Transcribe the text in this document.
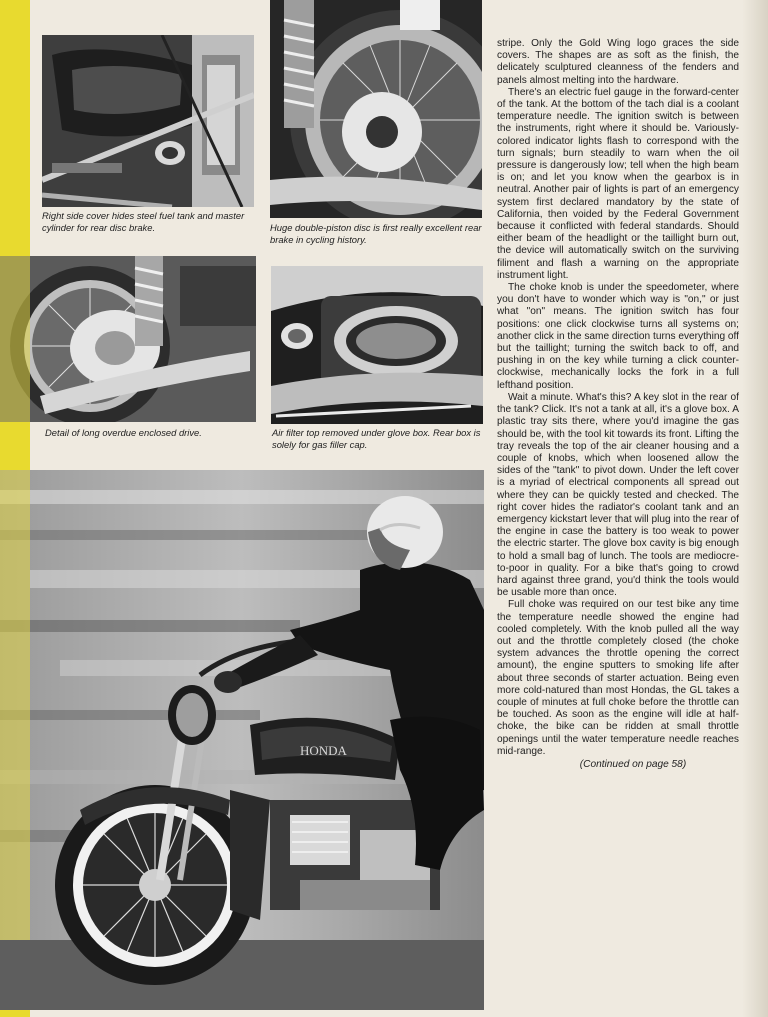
Right side cover hides steel fuel tank and master cylinder for rear disc brake.	Huge double-piston disc is first really excellent rear brake in cycling history.

Detail of long overdue enclosed drive.	Air filter top removed under glove box. Rear box is solely for gas filler cap.

HONDA

stripe. Only the Gold Wing logo graces the side covers. The shapes are as soft as the finish, the delicately sculptured cleanness of the fenders and panels almost melting into the hardware.

There's an electric fuel gauge in the forward-center of the tank. At the bottom of the tach dial is a coolant temperature needle. The ignition switch is between the instruments, right where it should be. Variously-colored indicator lights flash to correspond with the turn signals; burn steadily to warn when the oil pressure is dangerously low; tell when the high beam is on; and let you know when the gearbox is in neutral. Another pair of lights is part of an emergency system first declared mandatory by the state of California, then voided by the Federal Government because it conflicted with federal standards. Should either beam of the headlight or the taillight burn out, the device will automatically switch on the surviving filiment and flash a warning on the appropriate instrument light.

The choke knob is under the speedometer, where you don't have to wonder which way is "on," or just what "on" means. The ignition switch has four positions: one click clockwise turns all systems on; another click in the same direction turns everything off but the taillight; turning the switch back to off, and pushing in on the key while turning a click counter-clockwise, mechanically locks the fork in a full lefthand position.

Wait a minute. What's this? A key slot in the rear of the tank? Click. It's not a tank at all, it's a glove box. A plastic tray sits there, where you'd imagine the gas should be, with the tool kit towards its front. Lifting the tray reveals the top of the air cleaner housing and a couple of knobs, which when loosened allow the sides of the "tank" to pivot down. Under the left cover is a myriad of electrical components all spread out where they can be quickly tested and checked. The right cover hides the radiator's coolant tank and an emergency kickstart lever that will plug into the rear of the engine in case the battery is too weak to power the electric starter. The glove box cavity is big enough to hold a small bag of lunch. The tools are mediocre-to-poor in quality. For a bike that's going to crowd hard against three grand, you'd think the tools would be usable more than once.

Full choke was required on our test bike any time the temperature needle showed the engine had cooled completely. With the knob pulled all the way out and the throttle completely closed (the choke system advances the throttle opening the correct amount), the engine sputters to smoking life after about three seconds of starter actuation. Being even more cold-natured than most Hondas, the GL takes a couple of minutes at full choke before the throttle can be touched. As soon as the engine will idle at half-choke, the bike can be ridden at small throttle openings until the water temperature needle reaches mid-range.

(Continued on page 58)
